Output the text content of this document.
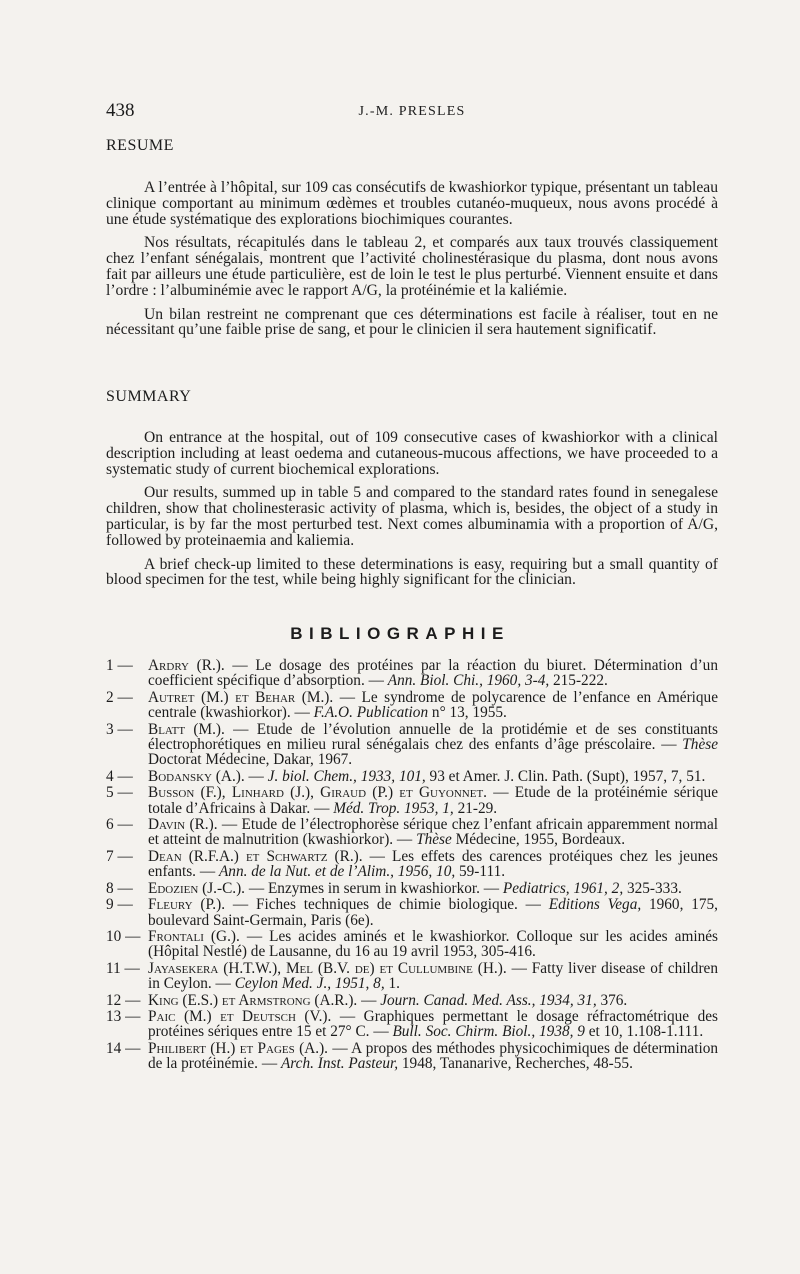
438	J.-M. PRESLES
RESUME

A l’entrée à l’hôpital, sur 109 cas consécutifs de kwashiorkor typique, présentant un tableau clinique comportant au minimum œdèmes et troubles cutanéo-muqueux, nous avons procédé à une étude systématique des explorations biochimiques courantes.

Nos résultats, récapitulés dans le tableau 2, et comparés aux taux trouvés classiquement chez l’enfant sénégalais, montrent que l’activité cholinestérasique du plasma, dont nous avons fait par ailleurs une étude particulière, est de loin le test le plus perturbé. Viennent ensuite et dans l’ordre : l’albuminémie avec le rapport A/G, la protéinémie et la kaliémie.

Un bilan restreint ne comprenant que ces déterminations est facile à réaliser, tout en ne nécessitant qu’une faible prise de sang, et pour le clinicien il sera hautement significatif.

SUMMARY

On entrance at the hospital, out of 109 consecutive cases of kwashiorkor with a clinical description including at least oedema and cutaneous-mucous affections, we have proceeded to a systematic study of current biochemical explorations.

Our results, summed up in table 5 and compared to the standard rates found in senegalese children, show that cholinesterasic activity of plasma, which is, besides, the object of a study in particular, is by far the most perturbed test. Next comes albuminamia with a proportion of A/G, followed by proteinaemia and kaliemia.

A brief check-up limited to these determinations is easy, requiring but a small quantity of blood specimen for the test, while being highly significant for the clinician.

BIBLIOGRAPHIE
1 — Ardry (R.). — Le dosage des protéines par la réaction du biuret. Détermination d’un coefficient spécifique d’absorption. — Ann. Biol. Chi., 1960, 3-4, 215-222.
2 — Autret (M.) et Behar (M.). — Le syndrome de polycarence de l’enfance en Amérique centrale (kwashiorkor). — F.A.O. Publication n° 13, 1955.
3 — Blatt (M.). — Etude de l’évolution annuelle de la protidémie et de ses constituants électrophorétiques en milieu rural sénégalais chez des enfants d’âge préscolaire. — Thèse Doctorat Médecine, Dakar, 1967.
4 — Bodansky (A.). — J. biol. Chem., 1933, 101, 93 et Amer. J. Clin. Path. (Supt), 1957, 7, 51.
5 — Busson (F.), Linhard (J.), Giraud (P.) et Guyonnet. — Etude de la protéinémie sérique totale d’Africains à Dakar. — Méd. Trop. 1953, 1, 21-29.
6 — Davin (R.). — Etude de l’électrophorèse sérique chez l’enfant africain apparemment normal et atteint de malnutrition (kwashiorkor). — Thèse Médecine, 1955, Bordeaux.
7 — Dean (R.F.A.) et Schwartz (R.). — Les effets des carences protéiques chez les jeunes enfants. — Ann. de la Nut. et de l’Alim., 1956, 10, 59-111.
8 — Edozien (J.-C.). — Enzymes in serum in kwashiorkor. — Pediatrics, 1961, 2, 325-333.
9 — Fleury (P.). — Fiches techniques de chimie biologique. — Editions Vega, 1960, 175, boulevard Saint-Germain, Paris (6e).
10 — Frontali (G.). — Les acides aminés et le kwashiorkor. Colloque sur les acides aminés (Hôpital Nestlé) de Lausanne, du 16 au 19 avril 1953, 305-416.
11 — Jayasekera (H.T.W.), Mel (B.V. de) et Cullumbine (H.). — Fatty liver disease of children in Ceylon. — Ceylon Med. J., 1951, 8, 1.
12 — King (E.S.) et Armstrong (A.R.). — Journ. Canad. Med. Ass., 1934, 31, 376.
13 — Paic (M.) et Deutsch (V.). — Graphiques permettant le dosage réfractométrique des protéines sériques entre 15 et 27° C. — Bull. Soc. Chirm. Biol., 1938, 9 et 10, 1.108-1.111.
14 — Philibert (H.) et Pages (A.). — A propos des méthodes physicochimiques de détermination de la protéinémie. — Arch. Inst. Pasteur, 1948, Tananarive, Recherches, 48-55.
